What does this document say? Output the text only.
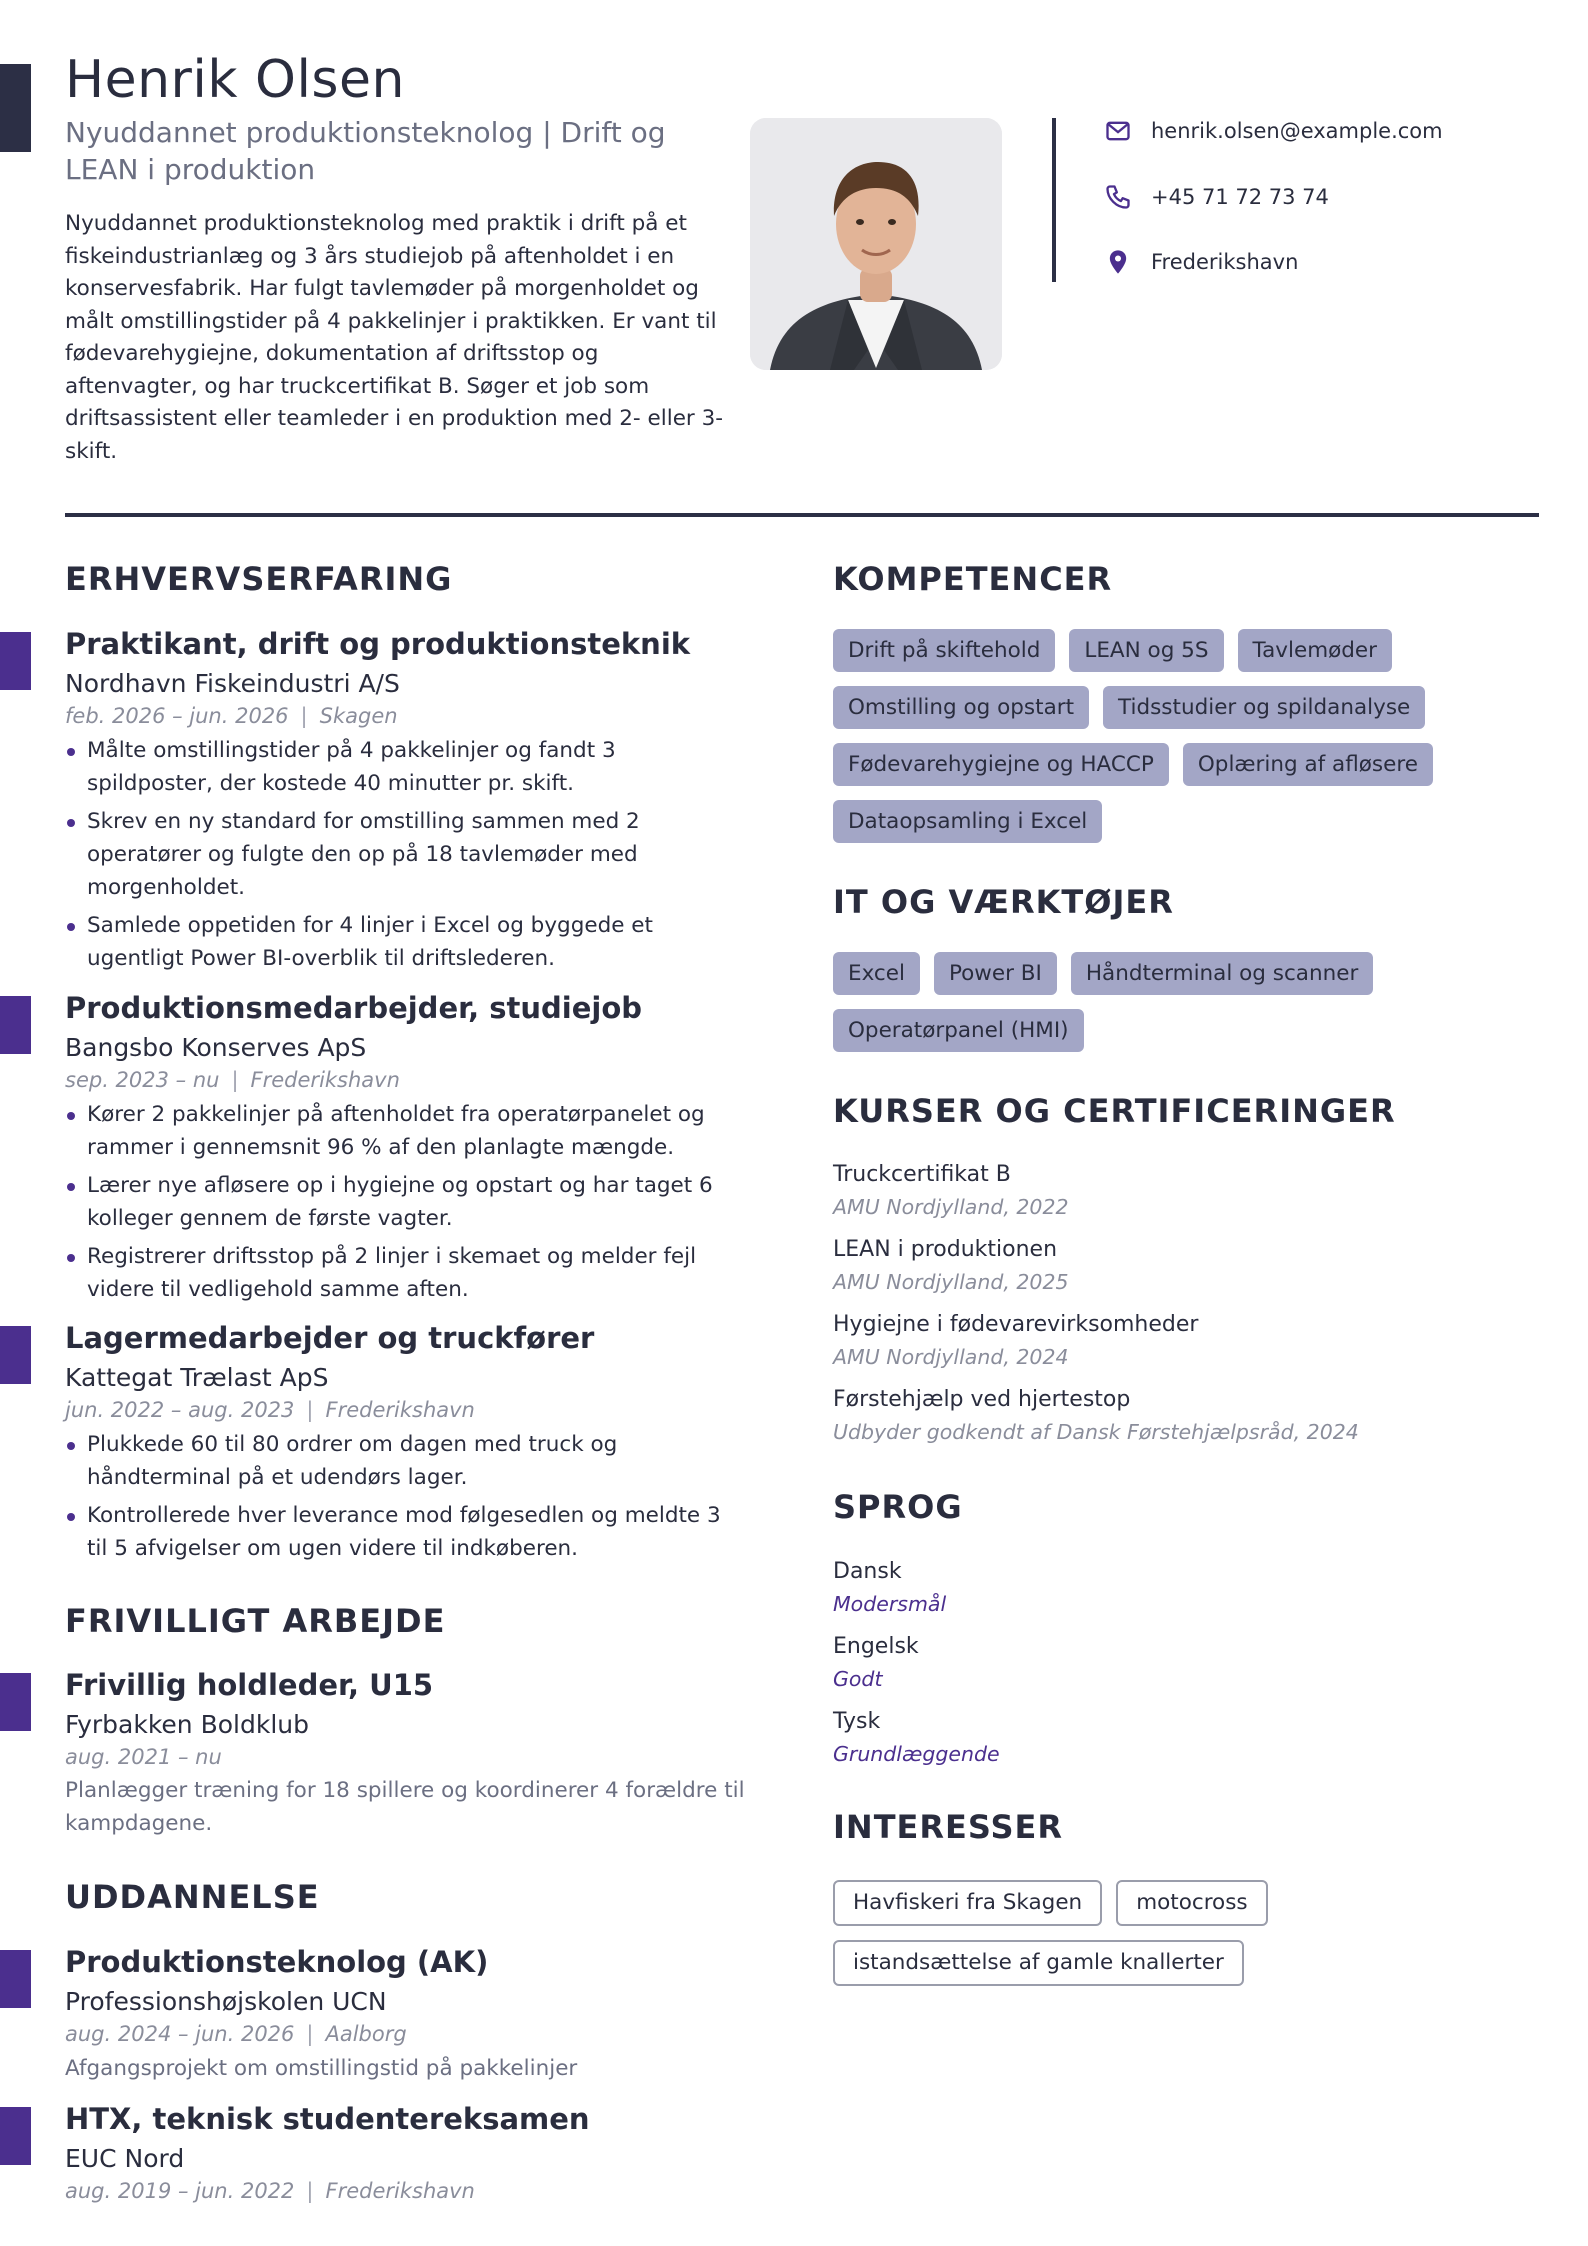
Henrik Olsen
Nyuddannet produktionsteknolog | Drift og LEAN i produktion

Nyuddannet produktionsteknolog med praktik i drift på et fiskeindustrianlæg og 3 års studiejob på aftenholdet i en konservesfabrik. Har fulgt tavlemøder på morgenholdet og målt omstillingstider på 4 pakkelinjer i praktikken. Er vant til fødevarehygiejne, dokumentation af driftsstop og aftenvagter, og har truckcertifikat B. Søger et job som driftsassistent eller teamleder i en produktion med 2- eller 3-skift.

henrik.olsen@example.com
+45 71 72 73 74
Frederikshavn
ERHVERVSERFARING
Praktikant, drift og produktionsteknik
Nordhavn Fiskeindustri A/S
feb. 2026 – jun. 2026 | Skagen
Målte omstillingstider på 4 pakkelinjer og fandt 3 spildposter, der kostede 40 minutter pr. skift.
Skrev en ny standard for omstilling sammen med 2 operatører og fulgte den op på 18 tavlemøder med morgenholdet.
Samlede oppetiden for 4 linjer i Excel og byggede et ugentligt Power BI-overblik til driftslederen.
Produktionsmedarbejder, studiejob
Bangsbo Konserves ApS
sep. 2023 – nu | Frederikshavn
Kører 2 pakkelinjer på aftenholdet fra operatørpanelet og rammer i gennemsnit 96 % af den planlagte mængde.
Lærer nye afløsere op i hygiejne og opstart og har taget 6 kolleger gennem de første vagter.
Registrerer driftsstop på 2 linjer i skemaet og melder fejl videre til vedligehold samme aften.
Lagermedarbejder og truckfører
Kattegat Trælast ApS
jun. 2022 – aug. 2023 | Frederikshavn
Plukkede 60 til 80 ordrer om dagen med truck og håndterminal på et udendørs lager.
Kontrollerede hver leverance mod følgesedlen og meldte 3 til 5 afvigelser om ugen videre til indkøberen.
FRIVILLIGT ARBEJDE
Frivillig holdleder, U15
Fyrbakken Boldklub
aug. 2021 – nu

Planlægger træning for 18 spillere og koordinerer 4 forældre til kampdagene.

UDDANNELSE
Produktionsteknolog (AK)
Professionshøjskolen UCN
aug. 2024 – jun. 2026 | Aalborg

Afgangsprojekt om omstillingstid på pakkelinjer

HTX, teknisk studentereksamen
EUC Nord
aug. 2019 – jun. 2022 | Frederikshavn
KOMPETENCER
Drift på skiftehold	LEAN og 5S	Tavlemøder
Omstilling og opstart	Tidsstudier og spildanalyse
Fødevarehygiejne og HACCP	Oplæring af afløsere
Dataopsamling i Excel
IT OG VÆRKTØJER
Excel	Power BI	Håndterminal og scanner
Operatørpanel (HMI)
KURSER OG CERTIFICERINGER
Truckcertifikat B
AMU Nordjylland, 2022
LEAN i produktionen
AMU Nordjylland, 2025
Hygiejne i fødevarevirksomheder
AMU Nordjylland, 2024
Førstehjælp ved hjertestop
Udbyder godkendt af Dansk Førstehjælpsråd, 2024
SPROG
Dansk
Modersmål
Engelsk
Godt
Tysk
Grundlæggende
INTERESSER
Havfiskeri fra Skagen	motocross
istandsættelse af gamle knallerter
